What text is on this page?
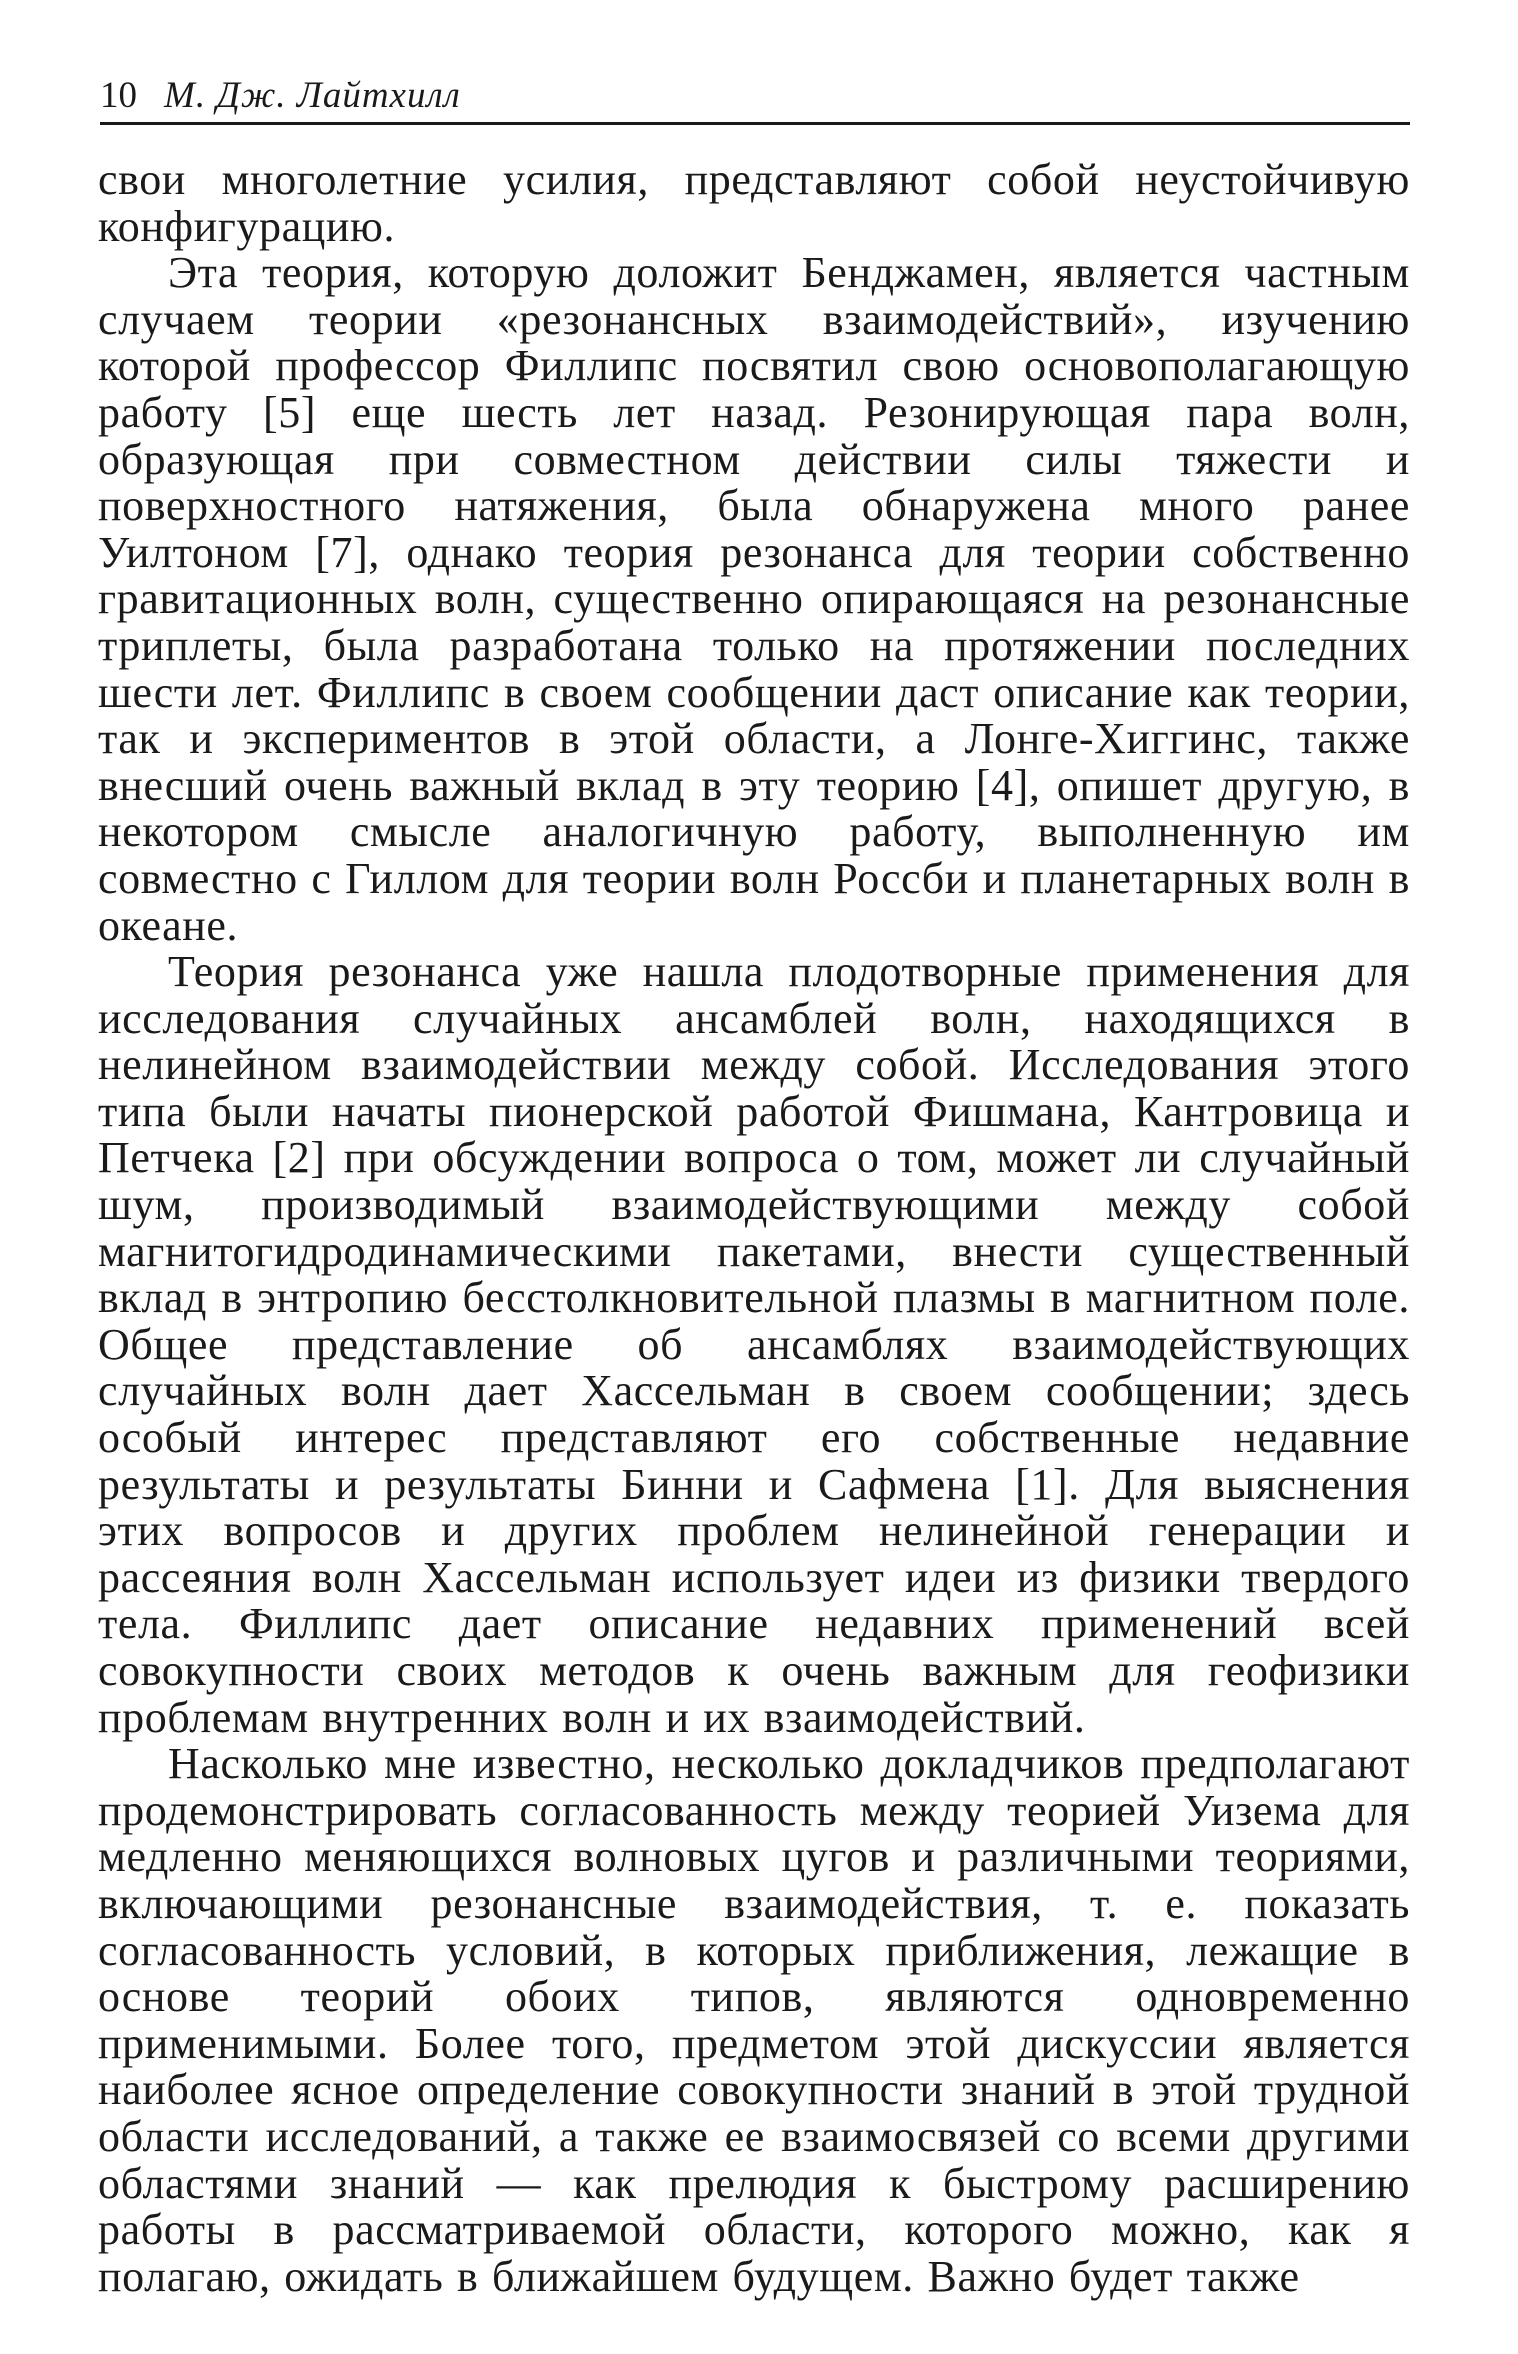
10 М. Дж. Лайтхилл

свои многолетние усилия, представляют собой неустойчивую конфигурацию.

Эта теория, которую доложит Бенджамен, является частным случаем теории «резонансных взаимодействий», изучению которой профессор Филлипс посвятил свою основополагающую работу [5] еще шесть лет назад. Резонирующая пара волн, образующая при совместном действии силы тяжести и поверхностного натяжения, была обнаружена много ранее Уилтоном [7], однако теория резонанса для теории собственно гравитационных волн, существенно опирающаяся на резонансные триплеты, была разработана только на протяжении последних шести лет. Филлипс в своем сообщении даст описание как теории, так и экспериментов в этой области, а Лонге-Хиггинс, также внесший очень важный вклад в эту теорию [4], опишет другую, в некотором смысле аналогичную работу, выполненную им совместно с Гиллом для теории волн Россби и планетарных волн в океане.

Теория резонанса уже нашла плодотворные применения для исследования случайных ансамблей волн, находящихся в нелинейном взаимодействии между собой. Исследования этого типа были начаты пионерской работой Фишмана, Кантровица и Петчека [2] при обсуждении вопроса о том, может ли случайный шум, производимый взаимодействующими между собой магнитогидродинамическими пакетами, внести существенный вклад в энтропию бесстолкновительной плазмы в магнитном поле. Общее представление об ансамблях взаимодействующих случайных волн дает Хассельман в своем сообщении; здесь особый интерес представляют его собственные недавние результаты и результаты Бинни и Сафмена [1]. Для выяснения этих вопросов и других проблем нелинейной генерации и рассеяния волн Хассельман использует идеи из физики твердого тела. Филлипс дает описание недавних применений всей совокупности своих методов к очень важным для геофизики проблемам внутренних волн и их взаимодействий.

Насколько мне известно, несколько докладчиков предполагают продемонстрировать согласованность между теорией Уизема для медленно меняющихся волновых цугов и различными теориями, включающими резонансные взаимодействия, т. е. показать согласованность условий, в которых приближения, лежащие в основе теорий обоих типов, являются одновременно применимыми. Более того, предметом этой дискуссии является наиболее ясное определение совокупности знаний в этой трудной области исследований, а также ее взаимосвязей со всеми другими областями знаний — как прелюдия к быстрому расширению работы в рассматриваемой области, которого можно, как я полагаю, ожидать в ближайшем будущем. Важно будет также
